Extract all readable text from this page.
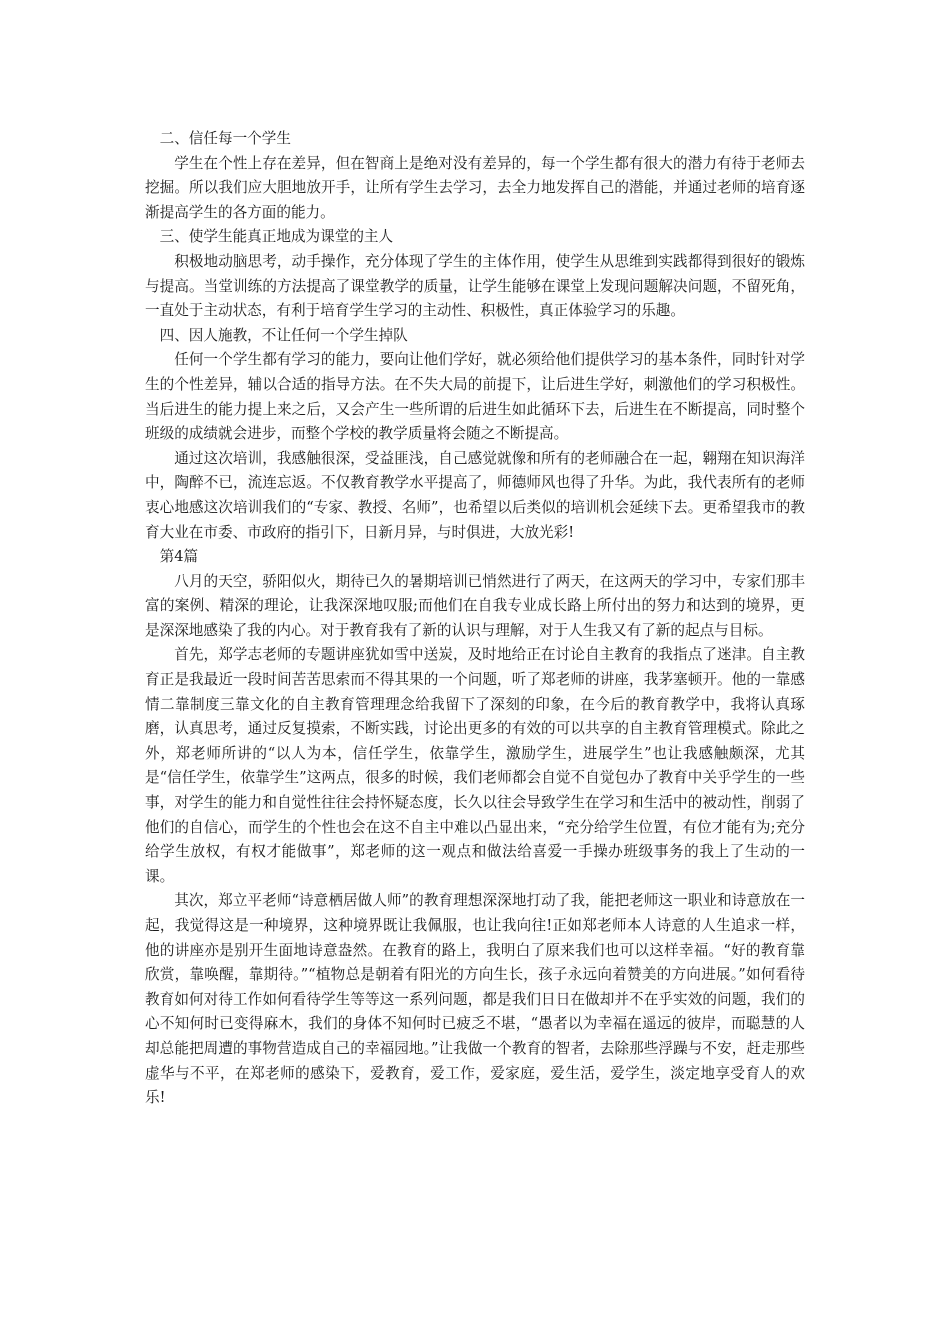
二、信任每一个学生

学生在个性上存在差异，但在智商上是绝对没有差异的，每一个学生都有很大的潜力有待于老师去挖掘。所以我们应大胆地放开手，让所有学生去学习，去全力地发挥自己的潜能，并通过老师的培育逐渐提高学生的各方面的能力。

三、使学生能真正地成为课堂的主人

积极地动脑思考，动手操作，充分体现了学生的主体作用，使学生从思维到实践都得到很好的锻炼与提高。当堂训练的方法提高了课堂教学的质量，让学生能够在课堂上发现问题解决问题，不留死角，一直处于主动状态，有利于培育学生学习的主动性、积极性，真正体验学习的乐趣。

四、因人施教，不让任何一个学生掉队

任何一个学生都有学习的能力，要向让他们学好，就必须给他们提供学习的基本条件，同时针对学生的个性差异，辅以合适的指导方法。在不失大局的前提下，让后进生学好，刺激他们的学习积极性。当后进生的能力提上来之后，又会产生一些所谓的后进生如此循环下去，后进生在不断提高，同时整个班级的成绩就会进步，而整个学校的教学质量将会随之不断提高。

通过这次培训，我感触很深，受益匪浅，自己感觉就像和所有的老师融合在一起，翱翔在知识海洋中，陶醉不已，流连忘返。不仅教育教学水平提高了，师德师风也得了升华。为此，我代表所有的老师衷心地感这次培训我们的“专家、教授、名师”，也希望以后类似的培训机会延续下去。更希望我市的教育大业在市委、市政府的指引下，日新月异，与时俱进，大放光彩!

第4篇

八月的天空，骄阳似火，期待已久的暑期培训已悄然进行了两天，在这两天的学习中，专家们那丰富的案例、精深的理论，让我深深地叹服;而他们在自我专业成长路上所付出的努力和达到的境界，更是深深地感染了我的内心。对于教育我有了新的认识与理解，对于人生我又有了新的起点与目标。

首先，郑学志老师的专题讲座犹如雪中送炭，及时地给正在讨论自主教育的我指点了迷津。自主教育正是我最近一段时间苦苦思索而不得其果的一个问题，听了郑老师的讲座，我茅塞顿开。他的一靠感情二靠制度三靠文化的自主教育管理理念给我留下了深刻的印象，在今后的教育教学中，我将认真琢磨，认真思考，通过反复摸索，不断实践，讨论出更多的有效的可以共享的自主教育管理模式。除此之外，郑老师所讲的“以人为本，信任学生，依靠学生，激励学生，进展学生”也让我感触颇深，尤其是“信任学生，依靠学生”这两点，很多的时候，我们老师都会自觉不自觉包办了教育中关乎学生的一些事，对学生的能力和自觉性往往会持怀疑态度，长久以往会导致学生在学习和生活中的被动性，削弱了他们的自信心，而学生的个性也会在这不自主中难以凸显出来，“充分给学生位置，有位才能有为;充分给学生放权，有权才能做事”，郑老师的这一观点和做法给喜爱一手操办班级事务的我上了生动的一课。

其次，郑立平老师“诗意栖居做人师”的教育理想深深地打动了我，能把老师这一职业和诗意放在一起，我觉得这是一种境界，这种境界既让我佩服，也让我向往!正如郑老师本人诗意的人生追求一样，他的讲座亦是别开生面地诗意盎然。在教育的路上，我明白了原来我们也可以这样幸福。“好的教育靠欣赏，靠唤醒，靠期待。”“植物总是朝着有阳光的方向生长，孩子永远向着赞美的方向进展。”如何看待教育如何对待工作如何看待学生等等这一系列问题，都是我们日日在做却并不在乎实效的问题，我们的心不知何时已变得麻木，我们的身体不知何时已疲乏不堪，“愚者以为幸福在遥远的彼岸，而聪慧的人却总能把周遭的事物营造成自己的幸福园地。”让我做一个教育的智者，去除那些浮躁与不安，赶走那些虚华与不平，在郑老师的感染下，爱教育，爱工作，爱家庭，爱生活，爱学生，淡定地享受育人的欢乐!
